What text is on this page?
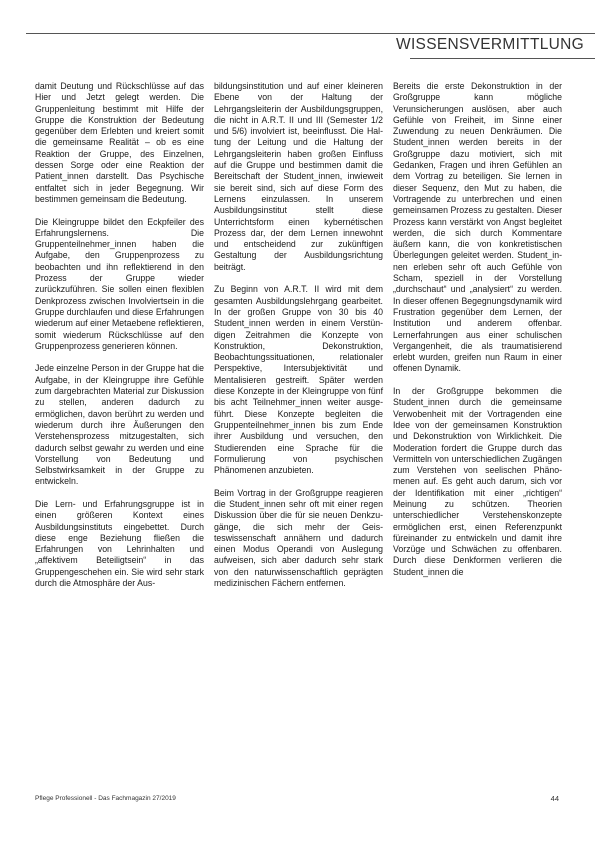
WISSENSVERMITTLUNG

damit Deutung und Rückschlüsse auf das Hier und Jetzt gelegt werden. Die Gruppenleitung bestimmt mit Hilfe der Gruppe die Konstruktion der Bedeutung gegenüber dem Erlebten und kreiert somit die gemeinsame Realität – ob es eine Reaktion der Gruppe, des Einzelnen, dessen Sorge oder eine Reaktion der Patient_innen darstellt. Das Psychische entfaltet sich in jeder Begegnung. Wir bestimmen gemeinsam die Bedeutung.

Die Kleingruppe bildet den Eckpfeiler des Erfahrungslernens. Die Gruppenteilnehmer_innen haben die Aufgabe, den Gruppenprozess zu beobachten und ihn reflektierend in den Prozess der Gruppe wieder zurückzuführen. Sie sollen einen flexiblen Denkprozess zwischen Involviertsein in die Gruppe durchlaufen und diese Erfahrungen wiederum auf einer Metaebene reflektieren, somit wiederum Rückschlüsse auf den Gruppenprozess generieren können.

Jede einzelne Person in der Gruppe hat die Aufgabe, in der Kleingruppe ihre Gefühle zum dargebrachten Material zur Diskussion zu stellen, anderen dadurch zu ermöglichen, davon berührt zu werden und wiederum durch ihre Äußerungen den Verstehensprozess mitzugestalten, sich dadurch selbst gewahr zu werden und eine Vorstellung von Bedeutung und Selbstwirksamkeit in der Gruppe zu entwickeln.

Die Lern- und Erfahrungsgruppe ist in einen größeren Kontext eines Ausbildungsinstituts eingebettet. Durch diese enge Beziehung fließen die Erfahrungen von Lehrinhalten und „affektivem Beteiligtsein“ in das Gruppengeschehen ein. Sie wird sehr stark durch die Atmosphäre der Aus-

bildungsinstitution und auf einer kleineren Ebene von der Haltung der Lehrgangsleiterin der Ausbildungsgruppen, die nicht in A.R.T. II und III (Semester 1/2 und 5/6) involviert ist, beeinflusst. Die Haltung der Leitung und die Haltung der Lehrgangsleiterin haben großen Einfluss auf die Gruppe und bestimmen damit die Bereitschaft der Student_innen, inwieweit sie bereit sind, sich auf diese Form des Lernens einzulassen. In unserem Ausbildungsinstitut stellt diese Unterrichtsform einen kybernétischen Prozess dar, der dem Lernen innewohnt und entscheidend zur zukünftigen Gestaltung der Ausbildungsrichtung beiträgt.

Zu Beginn von A.R.T. II wird mit dem gesamten Ausbildungslehrgang gearbeitet. In der großen Gruppe von 30 bis 40 Student_innen werden in einem Verstündigen Zeitrahmen die Konzepte von Konstruktion, Dekonstruktion, Beobachtungssituationen, relationaler Perspektive, Intersubjektivität und Mentalisieren gestreift. Später werden diese Konzepte in der Kleingruppe von fünf bis acht Teilnehmer_innen weiter ausgeführt. Diese Konzepte begleiten die Gruppenteilnehmer_innen bis zum Ende ihrer Ausbildung und versuchen, den Studierenden eine Sprache für die Formulierung von psychischen Phänomenen anzubieten.

Beim Vortrag in der Großgruppe reagieren die Student_innen sehr oft mit einer regen Diskussion über die für sie neuen Denkzugänge, die sich mehr der Geisteswissenschaft annähern und dadurch einen Modus Operandi von Auslegung aufweisen, sich aber dadurch sehr stark von den naturwissenschaftlich geprägten medizinischen Fächern entfernen.

Bereits die erste Dekonstruktion in der Großgruppe kann mögliche Verunsicherungen auslösen, aber auch Gefühle von Freiheit, im Sinne einer Zuwendung zu neuen Denkräumen. Die Student_innen werden bereits in der Großgruppe dazu motiviert, sich mit Gedanken, Fragen und ihren Gefühlen an dem Vortrag zu beteiligen. Sie lernen in dieser Sequenz, den Mut zu haben, die Vortragende zu unterbrechen und einen gemeinsamen Prozess zu gestalten. Dieser Prozess kann verstärkt von Angst begleitet werden, die sich durch Kommentare äußern kann, die von konkretistischen Überlegungen geleitet werden. Student_innen erleben sehr oft auch Gefühle von Scham, speziell in der Vorstellung „durchschaut“ und „analysiert“ zu werden. In dieser offenen Begegnungsdynamik wird Frustration gegenüber dem Lernen, der Institution und anderem offenbar. Lernerfahrungen aus einer schulischen Vergangenheit, die als traumatisierend erlebt wurden, greifen nun Raum in einer offenen Dynamik.

In der Großgruppe bekommen die Student_innen durch die gemeinsame Verwobenheit mit der Vortragenden eine Idee von der gemeinsamen Konstruktion und Dekonstruktion von Wirklichkeit. Die Moderation fordert die Gruppe durch das Vermitteln von unterschiedlichen Zugängen zum Verstehen von seelischen Phänomenen auf. Es geht auch darum, sich vor der Identifikation mit einer „richtigen“ Meinung zu schützen. Theorien unterschiedlicher Verstehenskonzepte ermöglichen erst, einen Referenzpunkt füreinander zu entwickeln und damit ihre Vorzüge und Schwächen zu offenbaren. Durch diese Denkformen verlieren die Student_innen die

Pflege Professionell - Das Fachmagazin 27/2019	44
